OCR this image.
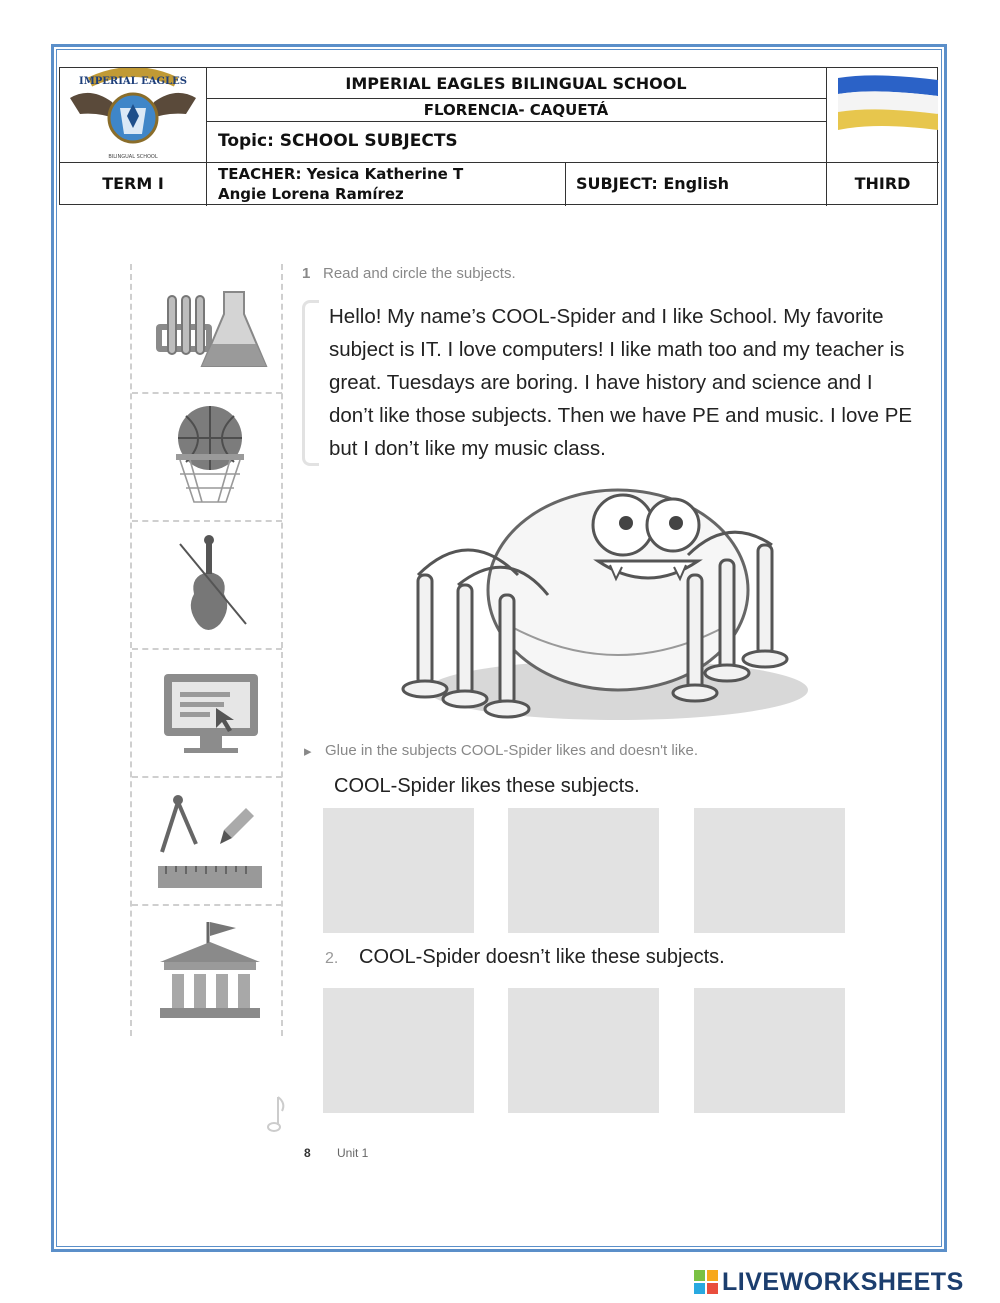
IMPERIAL EAGLES
BILINGUAL SCHOOL
IMPERIAL EAGLES BILINGUAL SCHOOL
FLORENCIA- CAQUETÁ
Topic: SCHOOL SUBJECTS
TERM I	TEACHER: Yesica Katherine T
Angie Lorena Ramírez
SUBJECT: English	THIRD
1 Read and circle the subjects.
Hello! My name’s COOL-Spider and I like School. My favorite subject is IT. I love computers! I like math too and my teacher is great. Tuesdays are boring. I have history and science and I don’t like those subjects. Then we have PE and music. I love PE but I don’t like my music class.
▸ Glue in the subjects COOL-Spider likes and doesn't like.
COOL-Spider likes these subjects.
2. COOL-Spider doesn’t like these subjects.
8 Unit 1
LIVEWORKSHEETS
